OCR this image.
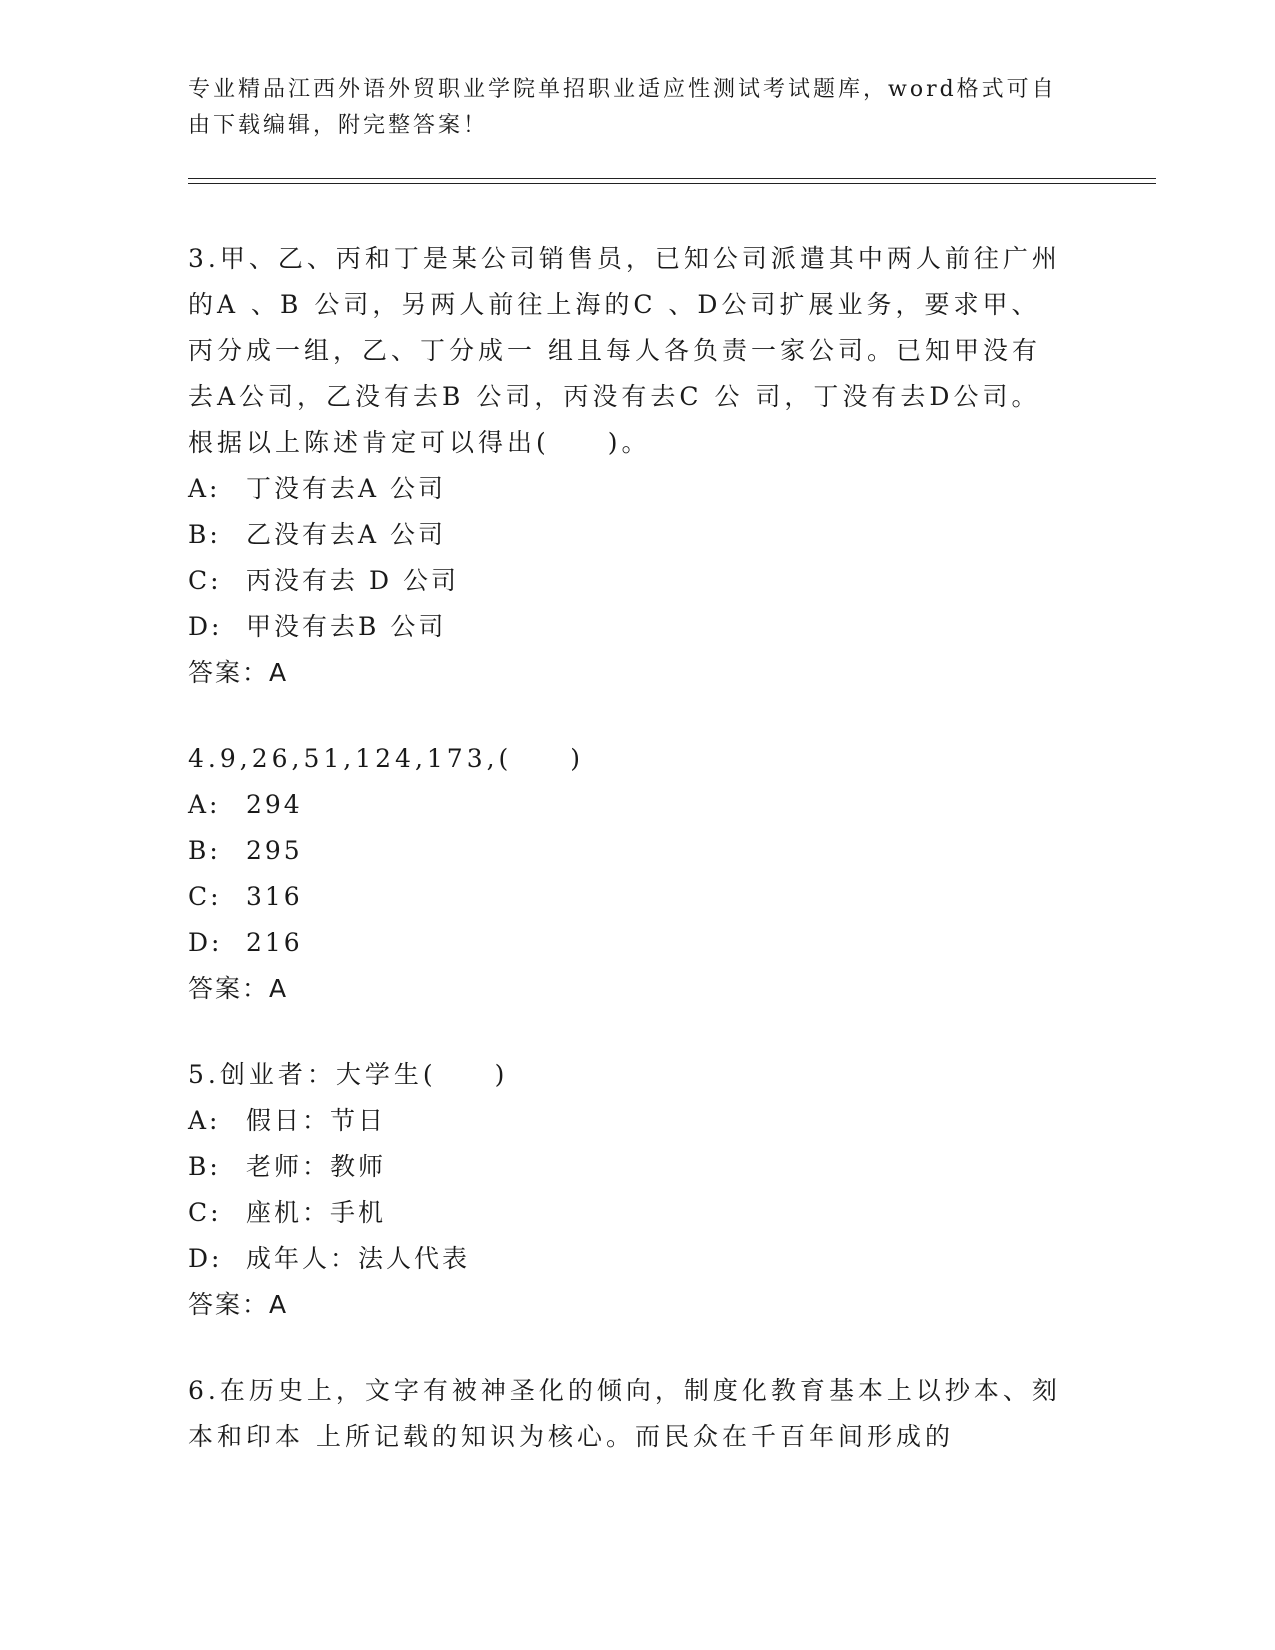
专业精品江西外语外贸职业学院单招职业适应性测试考试题库，word格式可自由下载编辑，附完整答案！

3.甲、乙、丙和丁是某公司销售员，已知公司派遣其中两人前往广州的A 、B 公司，另两人前往上海的C 、D公司扩展业务，要求甲、丙分成一组，乙、丁分成一 组且每人各负责一家公司。已知甲没有去A公司，乙没有去B 公司，丙没有去C 公 司，丁没有去D公司。根据以上陈述肯定可以得出(　　)。

A: 丁没有去A 公司
B: 乙没有去A 公司
C: 丙没有去 D 公司
D: 甲没有去B 公司
答案：A

4.9,26,51,124,173,(　　)

A: 294
B: 295
C: 316
D: 216
答案：A

5.创业者：大学生(　　)

A: 假日：节日
B: 老师：教师
C: 座机：手机
D: 成年人：法人代表
答案：A

6.在历史上，文字有被神圣化的倾向，制度化教育基本上以抄本、刻本和印本 上所记载的知识为核心。而民众在千百年间形成的
